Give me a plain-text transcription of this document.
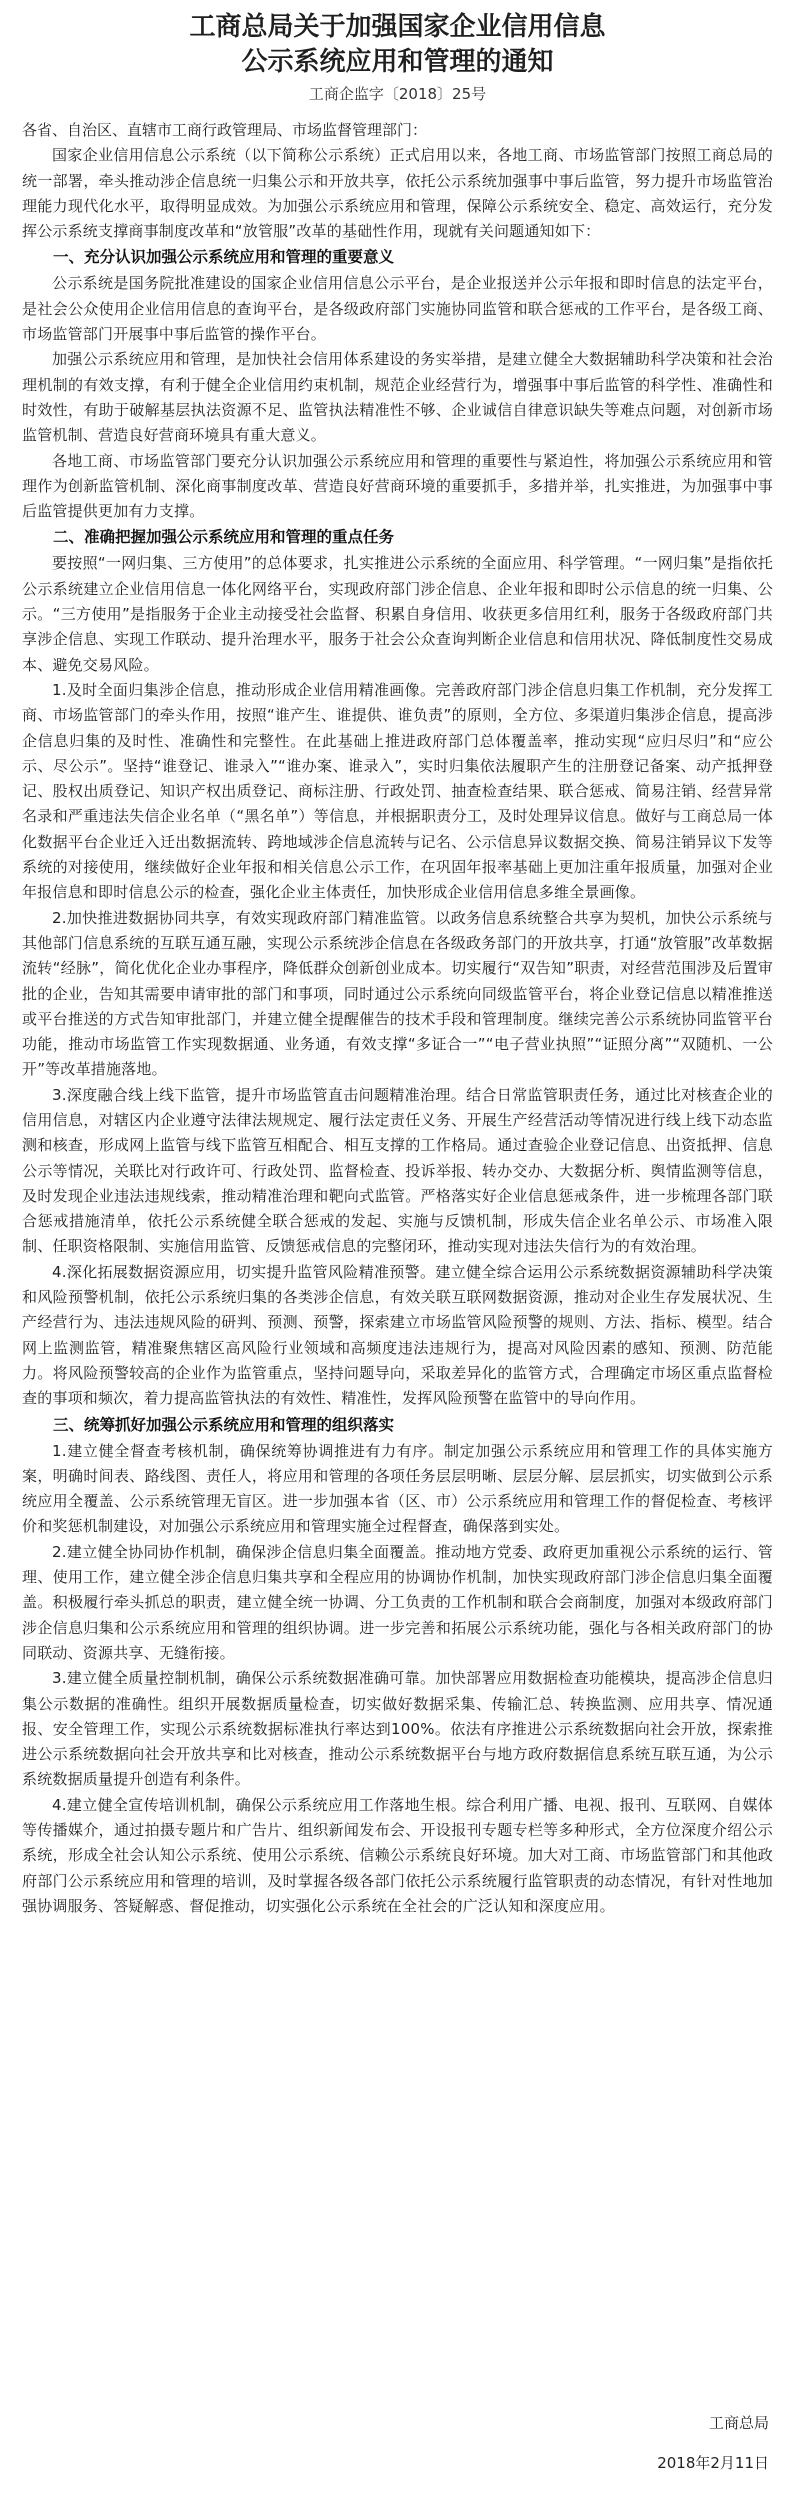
工商总局关于加强国家企业信用信息
公示系统应用和管理的通知
工商企监字〔2018〕25号
各省、自治区、直辖市工商行政管理局、市场监督管理部门：

国家企业信用信息公示系统（以下简称公示系统）正式启用以来，各地工商、市场监管部门按照工商总局的统一部署，牵头推动涉企信息统一归集公示和开放共享，依托公示系统加强事中事后监管，努力提升市场监管治理能力现代化水平，取得明显成效。为加强公示系统应用和管理，保障公示系统安全、稳定、高效运行，充分发挥公示系统支撑商事制度改革和“放管服”改革的基础性作用，现就有关问题通知如下：

一、充分认识加强公示系统应用和管理的重要意义

公示系统是国务院批准建设的国家企业信用信息公示平台，是企业报送并公示年报和即时信息的法定平台，是社会公众使用企业信用信息的查询平台，是各级政府部门实施协同监管和联合惩戒的工作平台，是各级工商、市场监管部门开展事中事后监管的操作平台。

加强公示系统应用和管理，是加快社会信用体系建设的务实举措，是建立健全大数据辅助科学决策和社会治理机制的有效支撑，有利于健全企业信用约束机制，规范企业经营行为，增强事中事后监管的科学性、准确性和时效性，有助于破解基层执法资源不足、监管执法精准性不够、企业诚信自律意识缺失等难点问题，对创新市场监管机制、营造良好营商环境具有重大意义。

各地工商、市场监管部门要充分认识加强公示系统应用和管理的重要性与紧迫性，将加强公示系统应用和管理作为创新监管机制、深化商事制度改革、营造良好营商环境的重要抓手，多措并举，扎实推进，为加强事中事后监管提供更加有力支撑。

二、准确把握加强公示系统应用和管理的重点任务

要按照“一网归集、三方使用”的总体要求，扎实推进公示系统的全面应用、科学管理。“一网归集”是指依托公示系统建立企业信用信息一体化网络平台，实现政府部门涉企信息、企业年报和即时公示信息的统一归集、公示。“三方使用”是指服务于企业主动接受社会监督、积累自身信用、收获更多信用红利，服务于各级政府部门共享涉企信息、实现工作联动、提升治理水平，服务于社会公众查询判断企业信息和信用状况、降低制度性交易成本、避免交易风险。

1.及时全面归集涉企信息，推动形成企业信用精准画像。完善政府部门涉企信息归集工作机制，充分发挥工商、市场监管部门的牵头作用，按照“谁产生、谁提供、谁负责”的原则，全方位、多渠道归集涉企信息，提高涉企信息归集的及时性、准确性和完整性。在此基础上推进政府部门总体覆盖率，推动实现“应归尽归”和“应公示、尽公示”。坚持“谁登记、谁录入”“谁办案、谁录入”，实时归集依法履职产生的注册登记备案、动产抵押登记、股权出质登记、知识产权出质登记、商标注册、行政处罚、抽查检查结果、联合惩戒、简易注销、经营异常名录和严重违法失信企业名单（“黑名单”）等信息，并根据职责分工，及时处理异议信息。做好与工商总局一体化数据平台企业迁入迁出数据流转、跨地域涉企信息流转与记名、公示信息异议数据交换、简易注销异议下发等系统的对接使用，继续做好企业年报和相关信息公示工作，在巩固年报率基础上更加注重年报质量，加强对企业年报信息和即时信息公示的检查，强化企业主体责任，加快形成企业信用信息多维全景画像。

2.加快推进数据协同共享，有效实现政府部门精准监管。以政务信息系统整合共享为契机，加快公示系统与其他部门信息系统的互联互通互融，实现公示系统涉企信息在各级政务部门的开放共享，打通“放管服”改革数据流转“经脉”，简化优化企业办事程序，降低群众创新创业成本。切实履行“双告知”职责，对经营范围涉及后置审批的企业，告知其需要申请审批的部门和事项，同时通过公示系统向同级监管平台，将企业登记信息以精准推送或平台推送的方式告知审批部门，并建立健全提醒催告的技术手段和管理制度。继续完善公示系统协同监管平台功能，推动市场监管工作实现数据通、业务通，有效支撑“多证合一”“电子营业执照”“证照分离”“双随机、一公开”等改革措施落地。

3.深度融合线上线下监管，提升市场监管直击问题精准治理。结合日常监管职责任务，通过比对核查企业的信用信息，对辖区内企业遵守法律法规规定、履行法定责任义务、开展生产经营活动等情况进行线上线下动态监测和核查，形成网上监管与线下监管互相配合、相互支撑的工作格局。通过查验企业登记信息、出资抵押、信息公示等情况，关联比对行政许可、行政处罚、监督检查、投诉举报、转办交办、大数据分析、舆情监测等信息，及时发现企业违法违规线索，推动精准治理和靶向式监管。严格落实好企业信息惩戒条件，进一步梳理各部门联合惩戒措施清单，依托公示系统健全联合惩戒的发起、实施与反馈机制，形成失信企业名单公示、市场准入限制、任职资格限制、实施信用监管、反馈惩戒信息的完整闭环，推动实现对违法失信行为的有效治理。

4.深化拓展数据资源应用，切实提升监管风险精准预警。建立健全综合运用公示系统数据资源辅助科学决策和风险预警机制，依托公示系统归集的各类涉企信息，有效关联互联网数据资源，推动对企业生存发展状况、生产经营行为、违法违规风险的研判、预测、预警，探索建立市场监管风险预警的规则、方法、指标、模型。结合网上监测监管，精准聚焦辖区高风险行业领域和高频度违法违规行为，提高对风险因素的感知、预测、防范能力。将风险预警较高的企业作为监管重点，坚持问题导向，采取差异化的监管方式，合理确定市场区重点监督检查的事项和频次，着力提高监管执法的有效性、精准性，发挥风险预警在监管中的导向作用。

三、统筹抓好加强公示系统应用和管理的组织落实

1.建立健全督查考核机制，确保统筹协调推进有力有序。制定加强公示系统应用和管理工作的具体实施方案，明确时间表、路线图、责任人，将应用和管理的各项任务层层明晰、层层分解、层层抓实，切实做到公示系统应用全覆盖、公示系统管理无盲区。进一步加强本省（区、市）公示系统应用和管理工作的督促检查、考核评价和奖惩机制建设，对加强公示系统应用和管理实施全过程督查，确保落到实处。

2.建立健全协同协作机制，确保涉企信息归集全面覆盖。推动地方党委、政府更加重视公示系统的运行、管理、使用工作，建立健全涉企信息归集共享和全程应用的协调协作机制，加快实现政府部门涉企信息归集全面覆盖。积极履行牵头抓总的职责，建立健全统一协调、分工负责的工作机制和联合会商制度，加强对本级政府部门涉企信息归集和公示系统应用和管理的组织协调。进一步完善和拓展公示系统功能，强化与各相关政府部门的协同联动、资源共享、无缝衔接。

3.建立健全质量控制机制，确保公示系统数据准确可靠。加快部署应用数据检查功能模块，提高涉企信息归集公示数据的准确性。组织开展数据质量检查，切实做好数据采集、传输汇总、转换监测、应用共享、情况通报、安全管理工作，实现公示系统数据标准执行率达到100%。依法有序推进公示系统数据向社会开放，探索推进公示系统数据向社会开放共享和比对核查，推动公示系统数据平台与地方政府数据信息系统互联互通，为公示系统数据质量提升创造有利条件。

4.建立健全宣传培训机制，确保公示系统应用工作落地生根。综合利用广播、电视、报刊、互联网、自媒体等传播媒介，通过拍摄专题片和广告片、组织新闻发布会、开设报刊专题专栏等多种形式，全方位深度介绍公示系统，形成全社会认知公示系统、使用公示系统、信赖公示系统良好环境。加大对工商、市场监管部门和其他政府部门公示系统应用和管理的培训，及时掌握各级各部门依托公示系统履行监管职责的动态情况，有针对性地加强协调服务、答疑解惑、督促推动，切实强化公示系统在全社会的广泛认知和深度应用。

工商总局
2018年2月11日
